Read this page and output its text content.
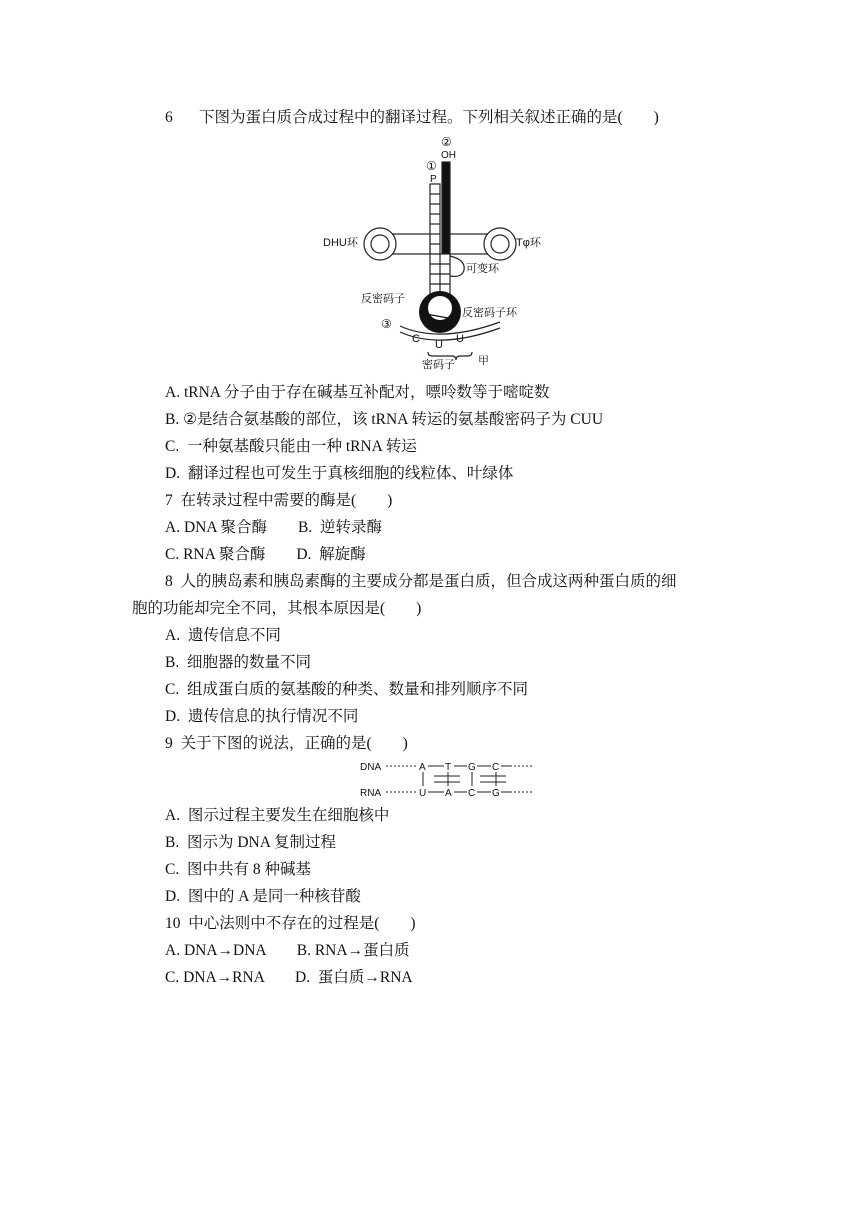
6 下图为蛋白质合成过程中的翻译过程。下列相关叙述正确的是(　　)
②
OH
①
P
DHU环	Tφ环
可变环
反密码子
反密码子环
③
C U U
密码子 甲
A. tRNA 分子由于存在碱基互补配对，嘌呤数等于嘧啶数
B. ②是结合氨基酸的部位，该 tRNA 转运的氨基酸密码子为 CUU
C.  一种氨基酸只能由一种 tRNA 转运
D.  翻译过程也可发生于真核细胞的线粒体、叶绿体
7  在转录过程中需要的酶是(　　)
A. DNA 聚合酶　　B.  逆转录酶
C. RNA 聚合酶　　D.  解旋酶
8  人的胰岛素和胰岛素酶的主要成分都是蛋白质，但合成这两种蛋白质的细
胞的功能却完全不同，其根本原因是(　　)
A.  遗传信息不同
B.  细胞器的数量不同
C.  组成蛋白质的氨基酸的种类、数量和排列顺序不同
D.  遗传信息的执行情况不同
9  关于下图的说法，正确的是(　　)
DNA
RNA
A T G C
U A C G
A.  图示过程主要发生在细胞核中
B.  图示为 DNA 复制过程
C.  图中共有 8 种碱基
D.  图中的 A 是同一种核苷酸
10  中心法则中不存在的过程是(　　)
A. DNA→DNA　　B. RNA→蛋白质
C. DNA→RNA　　D.  蛋白质→RNA
